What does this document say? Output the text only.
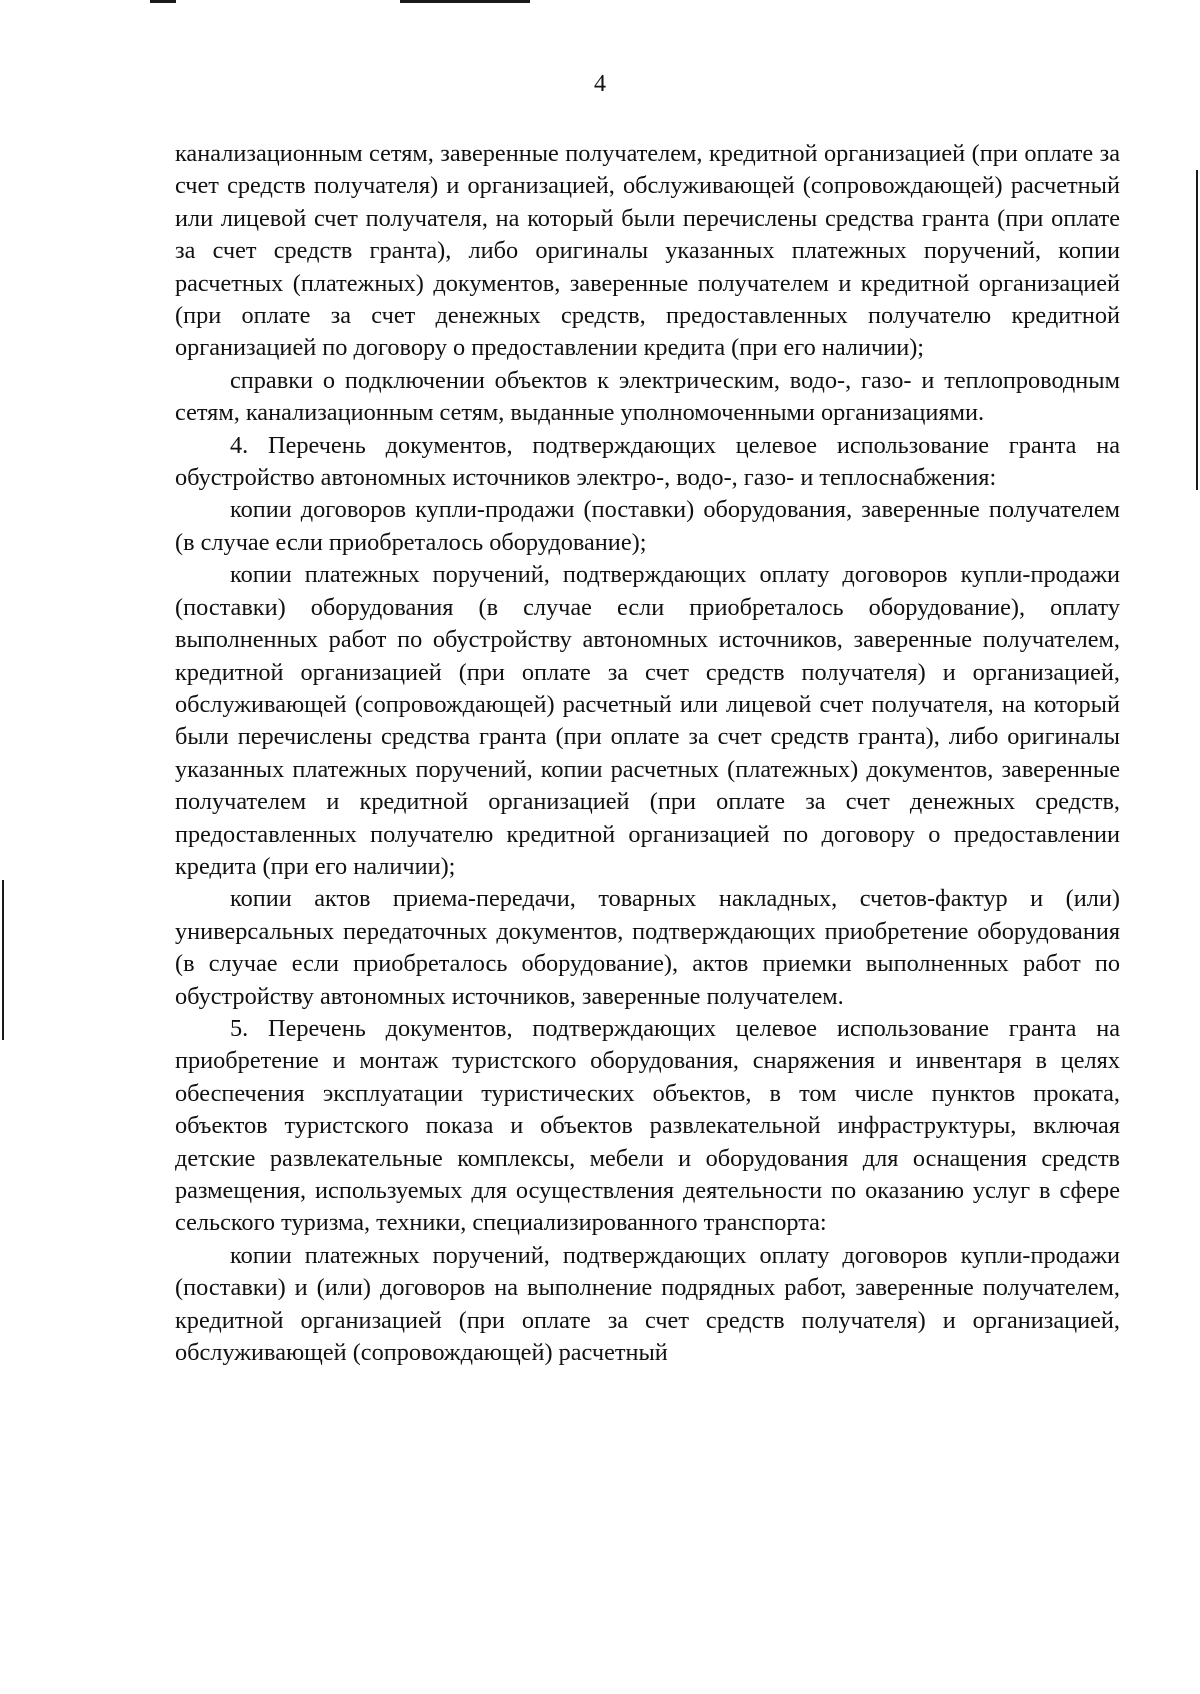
4

канализационным сетям, заверенные получателем, кредитной организацией (при оплате за счет средств получателя) и организацией, обслуживающей (сопровождающей) расчетный или лицевой счет получателя, на который были перечислены средства гранта (при оплате за счет средств гранта), либо оригиналы указанных платежных поручений, копии расчетных (платежных) документов, заверенные получателем и кредитной организацией (при оплате за счет денежных средств, предоставленных получателю кредитной организацией по договору о предоставлении кредита (при его наличии);

справки о подключении объектов к электрическим, водо-, газо- и теплопроводным сетям, канализационным сетям, выданные уполномоченными организациями.

4. Перечень документов, подтверждающих целевое использование гранта на обустройство автономных источников электро-, водо-, газо- и теплоснабжения:

копии договоров купли-продажи (поставки) оборудования, заверенные получателем (в случае если приобреталось оборудование);

копии платежных поручений, подтверждающих оплату договоров купли-продажи (поставки) оборудования (в случае если приобреталось оборудование), оплату выполненных работ по обустройству автономных источников, заверенные получателем, кредитной организацией (при оплате за счет средств получателя) и организацией, обслуживающей (сопровождающей) расчетный или лицевой счет получателя, на который были перечислены средства гранта (при оплате за счет средств гранта), либо оригиналы указанных платежных поручений, копии расчетных (платежных) документов, заверенные получателем и кредитной организацией (при оплате за счет денежных средств, предоставленных получателю кредитной организацией по договору о предоставлении кредита (при его наличии);

копии актов приема-передачи, товарных накладных, счетов-фактур и (или) универсальных передаточных документов, подтверждающих приобретение оборудования (в случае если приобреталось оборудование), актов приемки выполненных работ по обустройству автономных источников, заверенные получателем.

5. Перечень документов, подтверждающих целевое использование гранта на приобретение и монтаж туристского оборудования, снаряжения и инвентаря в целях обеспечения эксплуатации туристических объектов, в том числе пунктов проката, объектов туристского показа и объектов развлекательной инфраструктуры, включая детские развлекательные комплексы, мебели и оборудования для оснащения средств размещения, используемых для осуществления деятельности по оказанию услуг в сфере сельского туризма, техники, специализированного транспорта:

копии платежных поручений, подтверждающих оплату договоров купли-продажи (поставки) и (или) договоров на выполнение подрядных работ, заверенные получателем, кредитной организацией (при оплате за счет средств получателя) и организацией, обслуживающей (сопровождающей) расчетный
